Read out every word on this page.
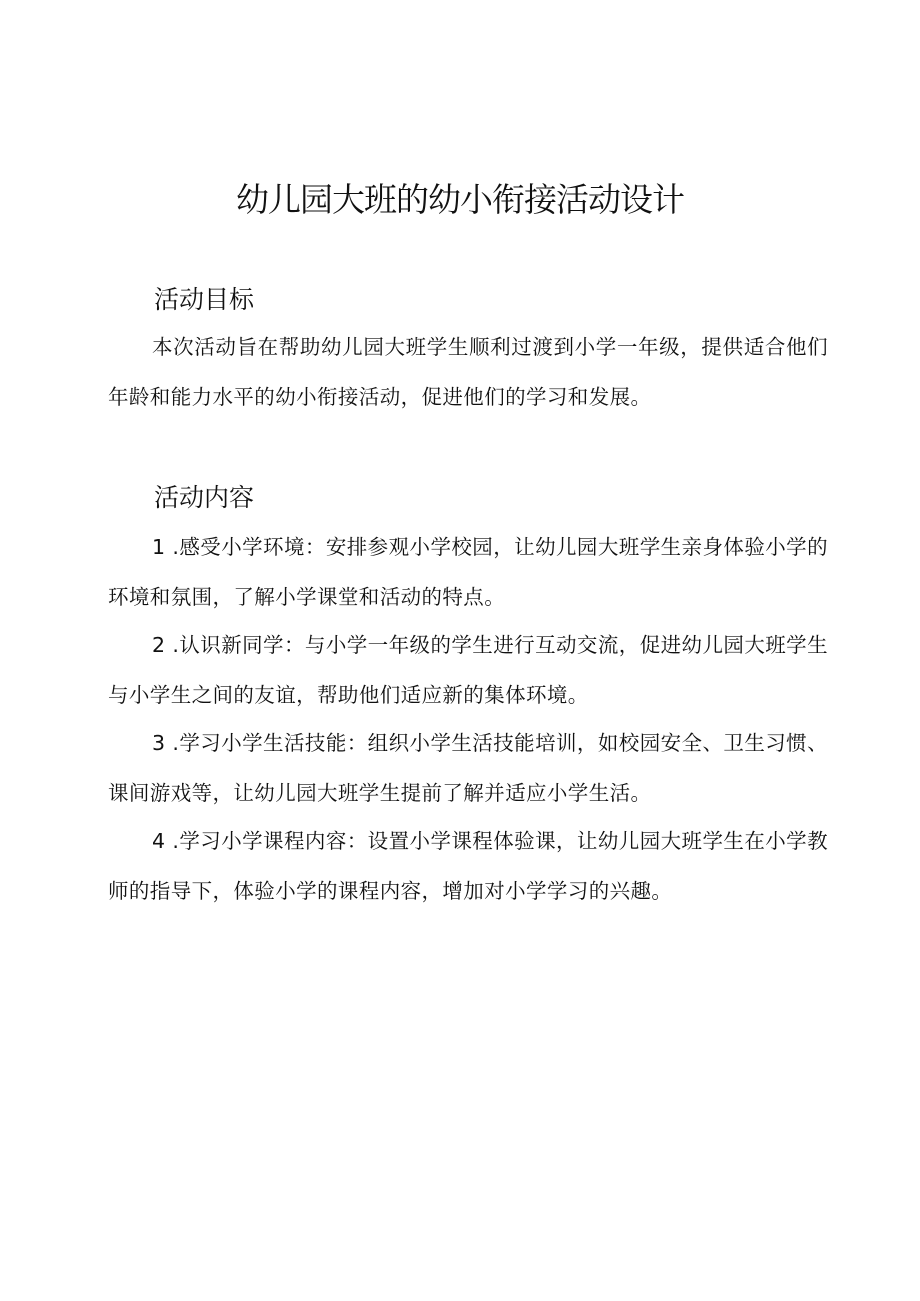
幼儿园大班的幼小衔接活动设计
活动目标

本次活动旨在帮助幼儿园大班学生顺利过渡到小学一年级，提供适合他们年龄和能力水平的幼小衔接活动，促进他们的学习和发展。

活动内容

1 .感受小学环境：安排参观小学校园，让幼儿园大班学生亲身体验小学的环境和氛围，了解小学课堂和活动的特点。

2 .认识新同学：与小学一年级的学生进行互动交流，促进幼儿园大班学生与小学生之间的友谊，帮助他们适应新的集体环境。

3 .学习小学生活技能：组织小学生活技能培训，如校园安全、卫生习惯、课间游戏等，让幼儿园大班学生提前了解并适应小学生活。

4 .学习小学课程内容：设置小学课程体验课，让幼儿园大班学生在小学教师的指导下，体验小学的课程内容，增加对小学学习的兴趣。
